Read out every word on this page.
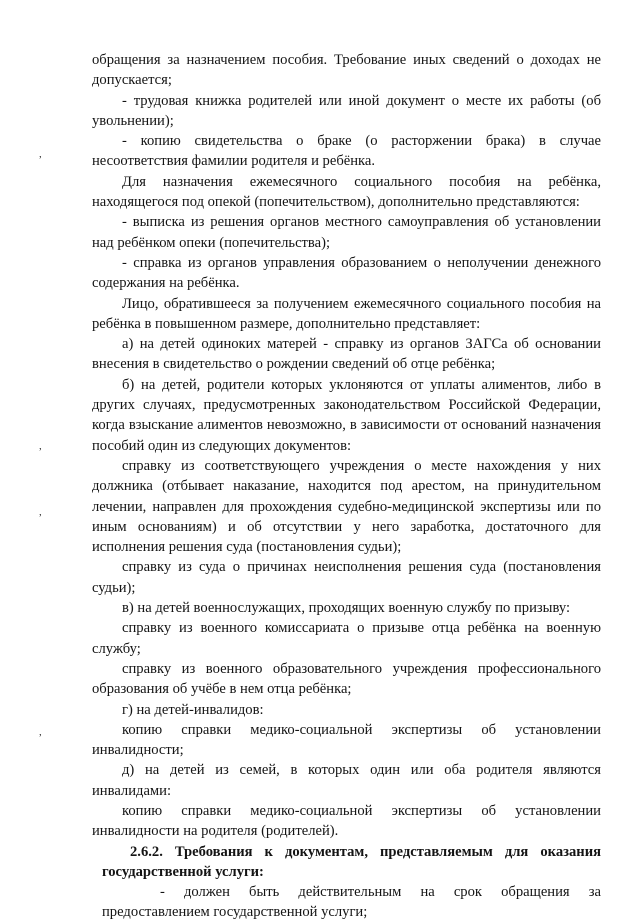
,
,
,
,

обращения за назначением пособия. Требование иных сведений о доходах не допускается;

- трудовая книжка родителей или иной документ о месте их работы (об увольнении);

- копию свидетельства о браке (о расторжении брака) в случае несоответствия фамилии родителя и ребёнка.

Для назначения ежемесячного социального пособия на ребёнка, находящегося под опекой (попечительством), дополнительно представляются:

- выписка из решения органов местного самоуправления об установлении над ребёнком опеки (попечительства);

- справка из органов управления образованием о неполучении денежного содержания на ребёнка.

Лицо, обратившееся за получением ежемесячного социального пособия на ребёнка в повышенном размере, дополнительно представляет:

а) на детей одиноких матерей - справку из органов ЗАГСа об основании внесения в свидетельство о рождении сведений об отце ребёнка;

б) на детей, родители которых уклоняются от уплаты алиментов, либо в других случаях, предусмотренных законодательством Российской Федерации, когда взыскание алиментов невозможно, в зависимости от оснований назначения пособий один из следующих документов:

справку из соответствующего учреждения о месте нахождения у них должника (отбывает наказание, находится под арестом, на принудительном лечении, направлен для прохождения судебно-медицинской экспертизы или по иным основаниям) и об отсутствии у него заработка, достаточного для исполнения решения суда (постановления судьи);

справку из суда о причинах неисполнения решения суда (постановления судьи);

в) на детей военнослужащих, проходящих военную службу по призыву:

справку из военного комиссариата о призыве отца ребёнка на военную службу;

справку из военного образовательного учреждения профессионального образования об учёбе в нем отца ребёнка;

г) на детей-инвалидов:

копию справки медико-социальной экспертизы об установлении инвалидности;

д) на детей из семей, в которых один или оба родителя являются инвалидами:

копию справки медико-социальной экспертизы об установлении инвалидности на родителя (родителей).

2.6.2. Требования к документам, представляемым для оказания государственной услуги:

- должен быть действительным на срок обращения за предоставлением государственной услуги;
